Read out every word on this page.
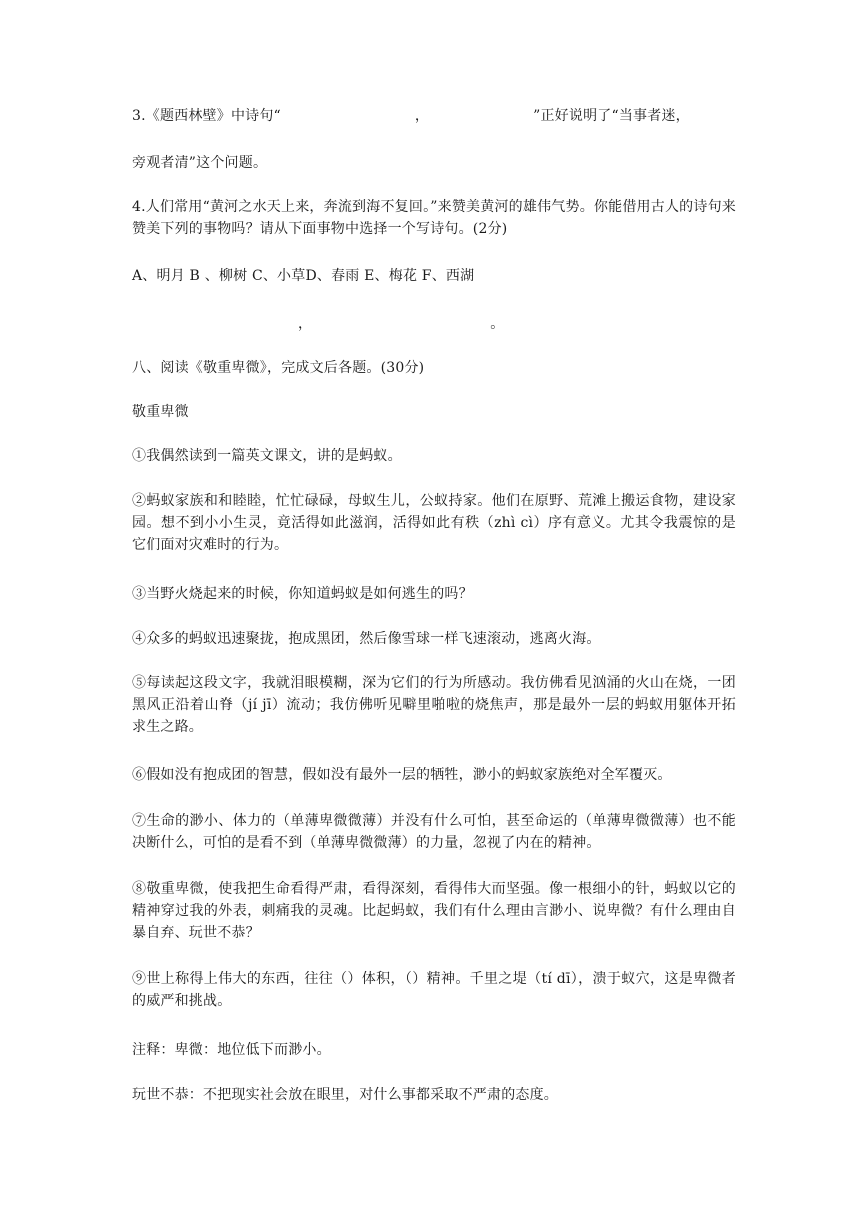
3.《题西林壁》中诗句“	，	”正好说明了“当事者迷，
旁观者清”这个问题。
4.人们常用“黄河之水天上来，奔流到海不复回。”来赞美黄河的雄伟气势。你能借用古人的诗句来赞美下列的事物吗？请从下面事物中选择一个写诗句。(2分)
A、明月 B 、柳树 C、小草D、春雨 E、梅花 F、西湖
，	。
八、阅读《敬重卑微》，完成文后各题。(30分)
敬重卑微
①我偶然读到一篇英文课文，讲的是蚂蚁。
②蚂蚁家族和和睦睦，忙忙碌碌，母蚁生儿，公蚁持家。他们在原野、荒滩上搬运食物，建设家园。想不到小小生灵，竟活得如此滋润，活得如此有秩（zhì cì）序有意义。尤其令我震惊的是它们面对灾难时的行为。
③当野火烧起来的时候，你知道蚂蚁是如何逃生的吗？
④众多的蚂蚁迅速聚拢，抱成黑团，然后像雪球一样飞速滚动，逃离火海。
⑤每读起这段文字，我就泪眼模糊，深为它们的行为所感动。我仿佛看见汹涌的火山在烧，一团黑风正沿着山脊（jí jī）流动；我仿佛听见噼里啪啦的烧焦声，那是最外一层的蚂蚁用躯体开拓求生之路。
⑥假如没有抱成团的智慧，假如没有最外一层的牺牲，渺小的蚂蚁家族绝对全军覆灭。
⑦生命的渺小、体力的（单薄卑微微薄）并没有什么可怕，甚至命运的（单薄卑微微薄）也不能决断什么，可怕的是看不到（单薄卑微微薄）的力量，忽视了内在的精神。
⑧敬重卑微，使我把生命看得严肃，看得深刻，看得伟大而坚强。像一根细小的针，蚂蚁以它的精神穿过我的外表，刺痛我的灵魂。比起蚂蚁，我们有什么理由言渺小、说卑微？有什么理由自暴自弃、玩世不恭？
⑨世上称得上伟大的东西，往往（）体积，（）精神。千里之堤（tí dī），溃于蚁穴，这是卑微者的威严和挑战。
注释：卑微：地位低下而渺小。
玩世不恭：不把现实社会放在眼里，对什么事都采取不严肃的态度。
